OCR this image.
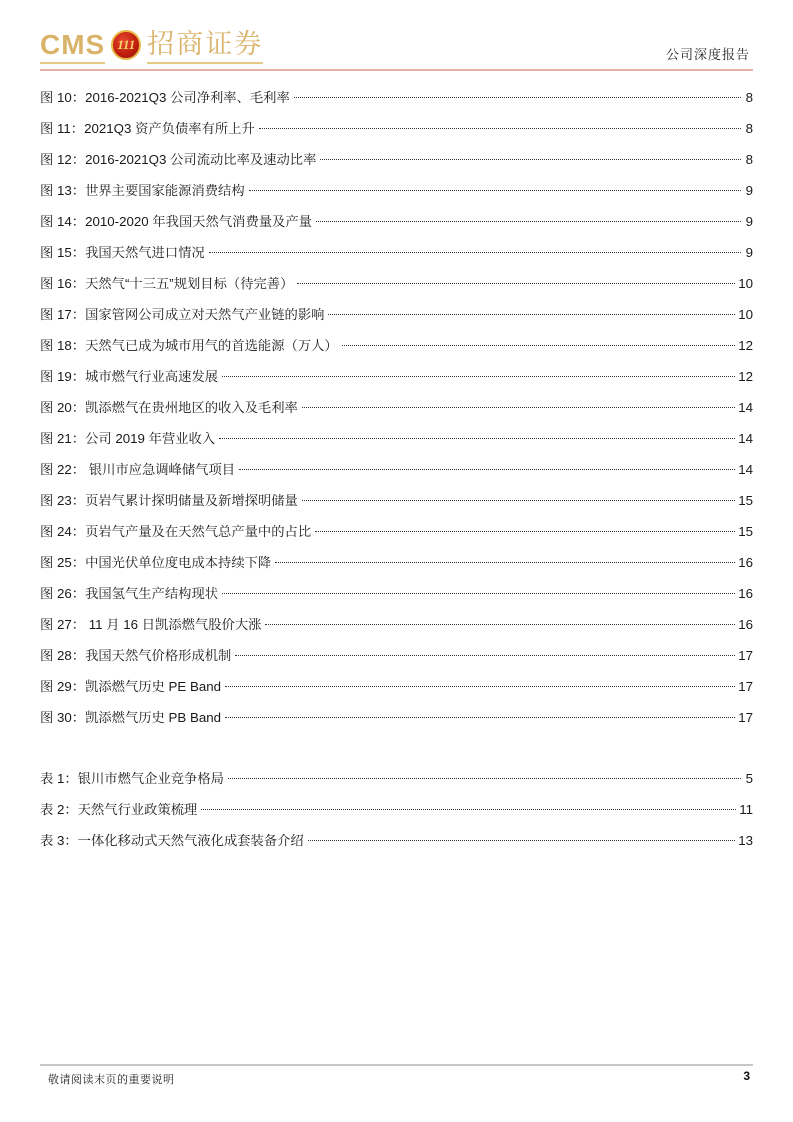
CMS 111 招商证券	公司深度报告
图 10：2016-2021Q3 公司净利率、毛利率	8
图 11：2021Q3 资产负债率有所上升	8
图 12：2016-2021Q3 公司流动比率及速动比率	8
图 13：世界主要国家能源消费结构	9
图 14：2010-2020 年我国天然气消费量及产量	9
图 15：我国天然气进口情况	9
图 16：天然气“十三五”规划目标（待完善）	10
图 17：国家管网公司成立对天然气产业链的影响	10
图 18：天然气已成为城市用气的首选能源（万人）	12
图 19：城市燃气行业高速发展	12
图 20：凯添燃气在贵州地区的收入及毛利率	14
图 21：公司 2019 年营业收入	14
图 22： 银川市应急调峰储气项目	14
图 23：页岩气累计探明储量及新增探明储量	15
图 24：页岩气产量及在天然气总产量中的占比	15
图 25：中国光伏单位度电成本持续下降	16
图 26：我国氢气生产结构现状	16
图 27： 11 月 16 日凯添燃气股价大涨	16
图 28：我国天然气价格形成机制	17
图 29：凯添燃气历史 PE Band	17
图 30：凯添燃气历史 PB Band	17
表 1：银川市燃气企业竞争格局	5
表 2：天然气行业政策梳理	11
表 3：一体化移动式天然气液化成套装备介绍	13
敬请阅读末页的重要说明	3
